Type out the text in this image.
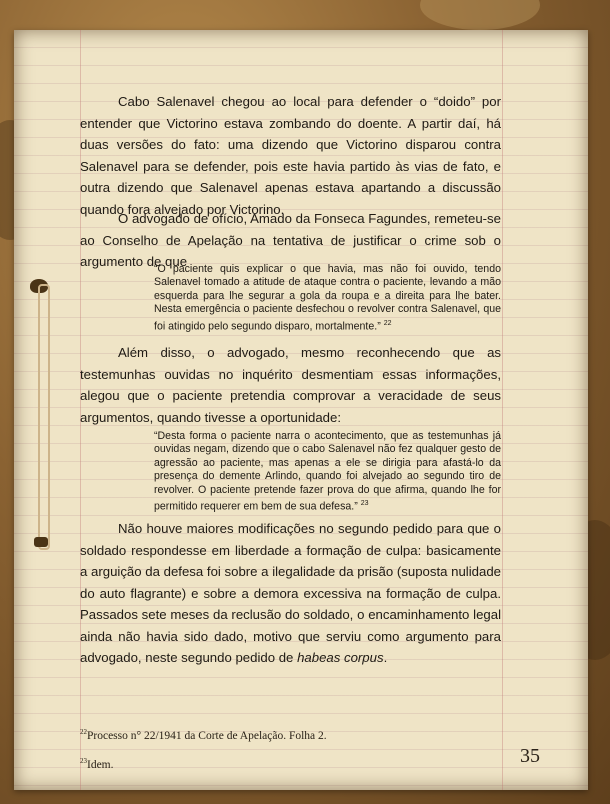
Cabo Salenavel chegou ao local para defender o “doido” por entender que Victorino estava zombando do doente. A partir daí, há duas versões do fato: uma dizendo que Victorino disparou contra Salenavel para se defender, pois este havia partido às vias de fato, e outra dizendo que Salenavel apenas estava apartando a discussão quando fora alvejado por Victorino.

O advogado de ofício, Amado da Fonseca Fagundes, remeteu-se ao Conselho de Apelação na tentativa de justificar o crime sob o argumento de que

“O paciente quis explicar o que havia, mas não foi ouvido, tendo Salenavel tomado a atitude de ataque contra o paciente, levando a mão esquerda para lhe segurar a gola da roupa e a direita para lhe bater. Nesta emergência o paciente desfechou o revolver contra Salenavel, que foi atingido pelo segundo disparo, mortalmente.” $^{22}$

Além disso, o advogado, mesmo reconhecendo que as testemunhas ouvidas no inquérito desmentiam essas informações, alegou que o paciente pretendia comprovar a veracidade de seus argumentos, quando tivesse a oportunidade:

“Desta forma o paciente narra o acontecimento, que as testemunhas já ouvidas negam, dizendo que o cabo Salenavel não fez qualquer gesto de agressão ao paciente, mas apenas a ele se dirigia para afastá-lo da presença do demente Arlindo, quando foi alvejado ao segundo tiro de revolver. O paciente pretende fazer prova do que afirma, quando lhe for permitido requerer em bem de sua defesa.” $^{23}$

Não houve maiores modificações no segundo pedido para que o soldado respondesse em liberdade a formação de culpa: basicamente a arguição da defesa foi sobre a ilegalidade da prisão (suposta nulidade do auto flagrante) e sobre a demora excessiva na formação de culpa. Passados sete meses da reclusão do soldado, o encaminhamento legal ainda não havia sido dado, motivo que serviu como argumento para advogado, neste segundo pedido de habeas corpus.

$^{22}$Processo n° 22/1941 da Corte de Apelação. Folha 2.
$^{23}$Idem.	35
